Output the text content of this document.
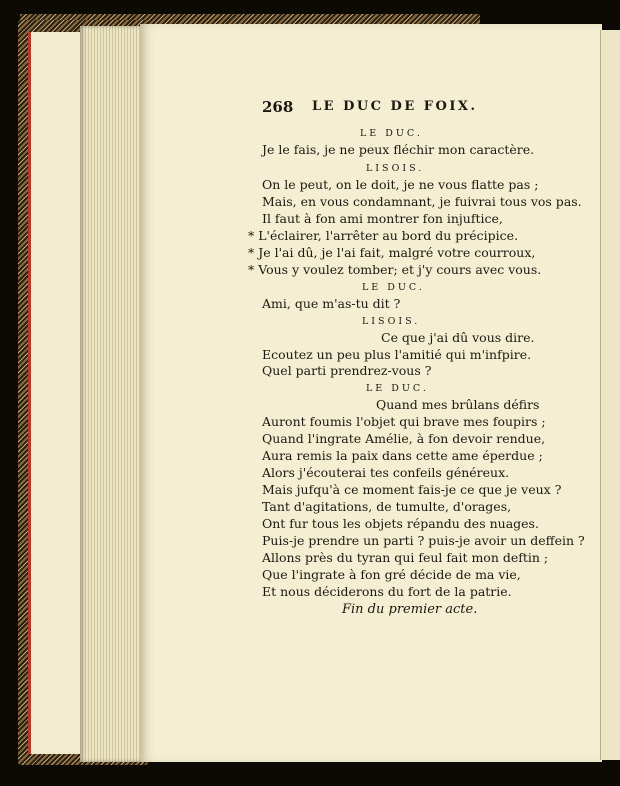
268 LE DUC DE FOIX.
LE DUC.
Je le fais, je ne peux fléchir mon caractère.
LISOIS.
On le peut, on le doit, je ne vous flatte pas ;
Mais, en vous condamnant, je fuivrai tous vos pas.
Il faut à fon ami montrer fon injuftice,
* L'éclairer, l'arrêter au bord du précipice.
* Je l'ai dû, je l'ai fait, malgré votre courroux,
* Vous y voulez tomber; et j'y cours avec vous.
LE DUC.
Ami, que m'as-tu dit ?
LISOIS.
Ce que j'ai dû vous dire.
Ecoutez un peu plus l'amitié qui m'infpire.
Quel parti prendrez-vous ?
LE DUC.
Quand mes brûlans défirs
Auront foumis l'objet qui brave mes foupirs ;
Quand l'ingrate Amélie, à fon devoir rendue,
Aura remis la paix dans cette ame éperdue ;
Alors j'écouterai tes confeils généreux.
Mais jufqu'à ce moment fais-je ce que je veux ?
Tant d'agitations, de tumulte, d'orages,
Ont fur tous les objets répandu des nuages.
Puis-je prendre un parti ? puis-je avoir un deffein ?
Allons près du tyran qui feul fait mon deftin ;
Que l'ingrate à fon gré décide de ma vie,
Et nous déciderons du fort de la patrie.
Fin du premier acte.
